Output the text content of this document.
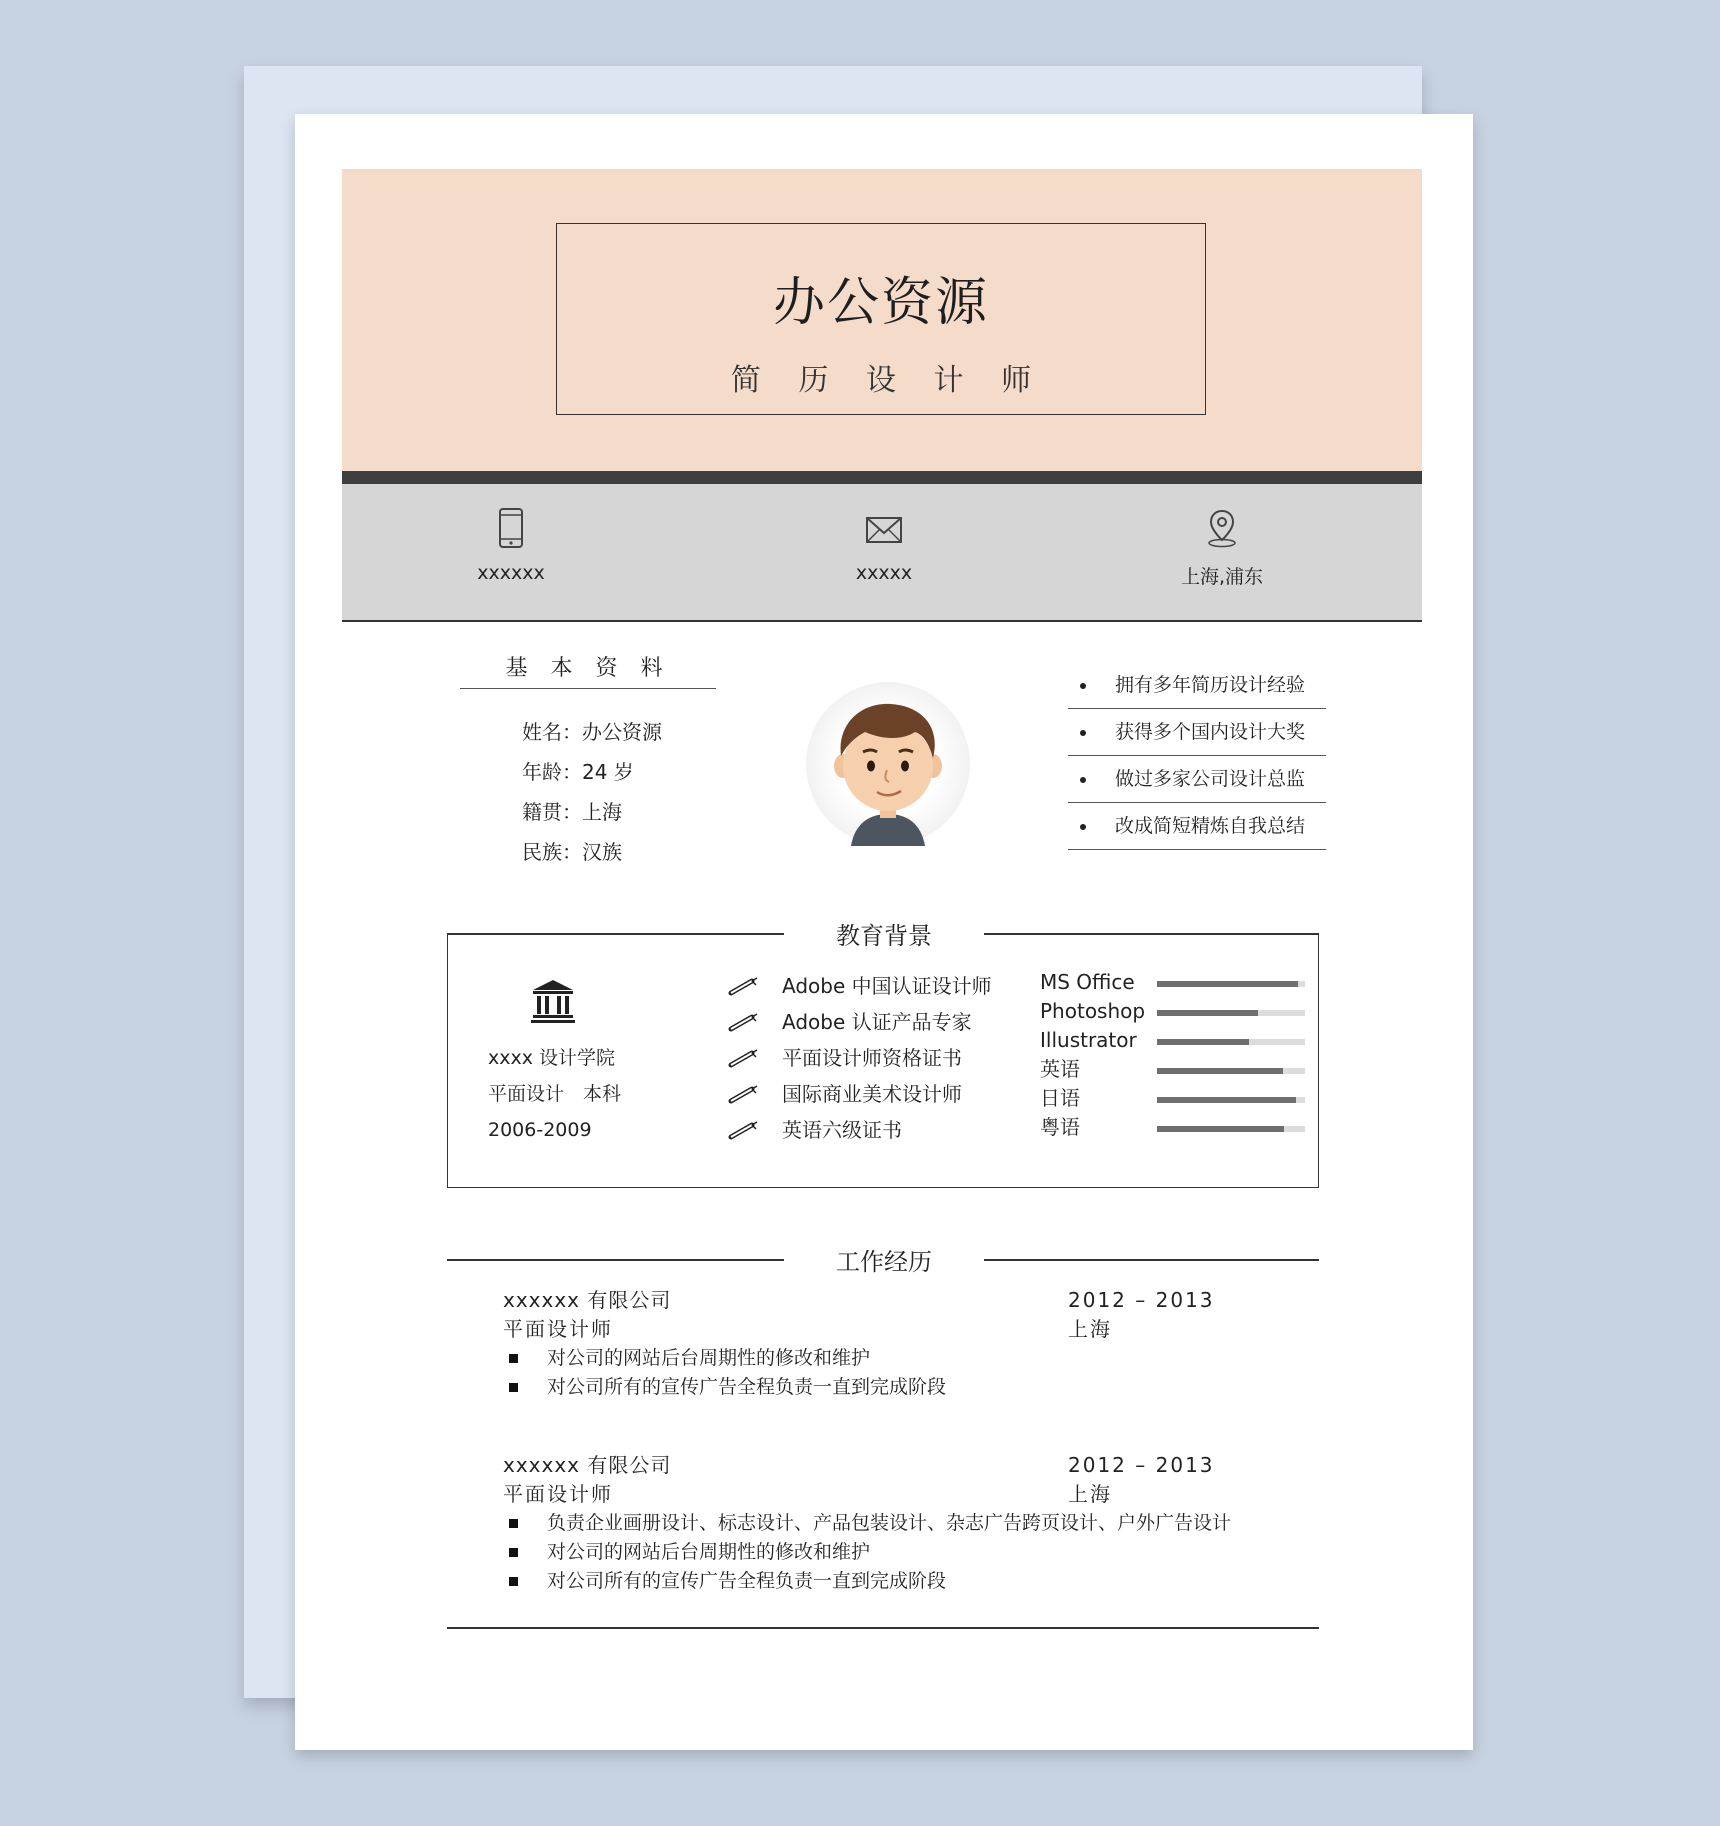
办公资源
简 历 设 计 师
xxxxxx	xxxxx	上海,浦东
基 本 资 料
姓名：办公资源
年龄：24 岁
籍贯：上海
民族：汉族
拥有多年简历设计经验
获得多个国内设计大奖
做过多家公司设计总监
改成简短精炼自我总结
教育背景
xxxx 设计学院
平面设计　本科
2006-2009
Adobe 中国认证设计师
Adobe 认证产品专家
平面设计师资格证书
国际商业美术设计师
英语六级证书
MS Office
Photoshop
Illustrator
英语
日语
粤语
工作经历
xxxxxx 有限公司
平面设计师
2012 – 2013
上海
对公司的网站后台周期性的修改和维护
对公司所有的宣传广告全程负责一直到完成阶段
xxxxxx 有限公司
平面设计师
2012 – 2013
上海
负责企业画册设计、标志设计、产品包装设计、杂志广告跨页设计、户外广告设计
对公司的网站后台周期性的修改和维护
对公司所有的宣传广告全程负责一直到完成阶段
